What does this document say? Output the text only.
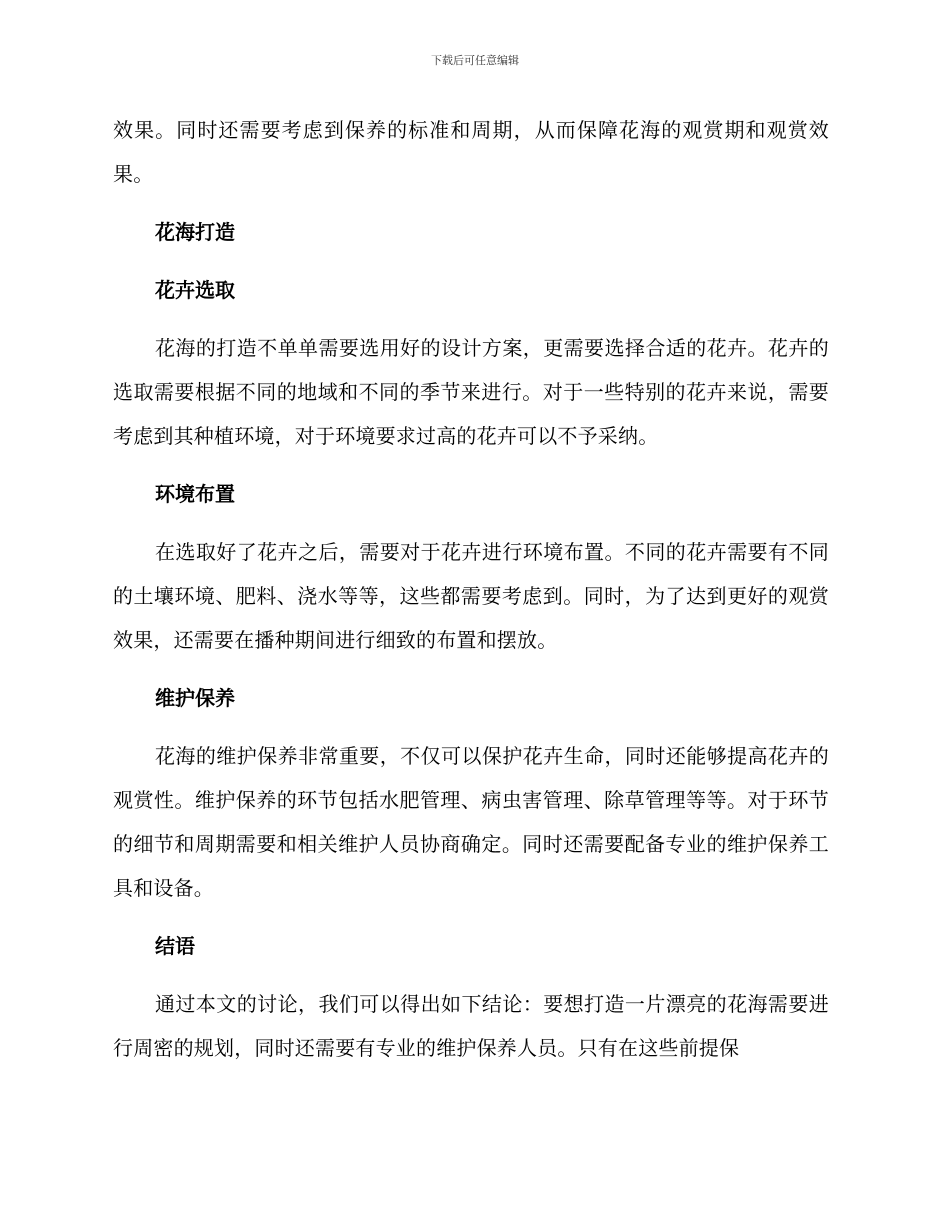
下载后可任意编辑

效果。同时还需要考虑到保养的标准和周期，从而保障花海的观赏期和观赏效果。

花海打造
花卉选取

花海的打造不单单需要选用好的设计方案，更需要选择合适的花卉。花卉的选取需要根据不同的地域和不同的季节来进行。对于一些特别的花卉来说，需要考虑到其种植环境，对于环境要求过高的花卉可以不予采纳。

环境布置

在选取好了花卉之后，需要对于花卉进行环境布置。不同的花卉需要有不同的土壤环境、肥料、浇水等等，这些都需要考虑到。同时，为了达到更好的观赏效果，还需要在播种期间进行细致的布置和摆放。

维护保养

花海的维护保养非常重要，不仅可以保护花卉生命，同时还能够提高花卉的观赏性。维护保养的环节包括水肥管理、病虫害管理、除草管理等等。对于环节的细节和周期需要和相关维护人员协商确定。同时还需要配备专业的维护保养工具和设备。

结语

通过本文的讨论，我们可以得出如下结论：要想打造一片漂亮的花海需要进行周密的规划，同时还需要有专业的维护保养人员。只有在这些前提保
